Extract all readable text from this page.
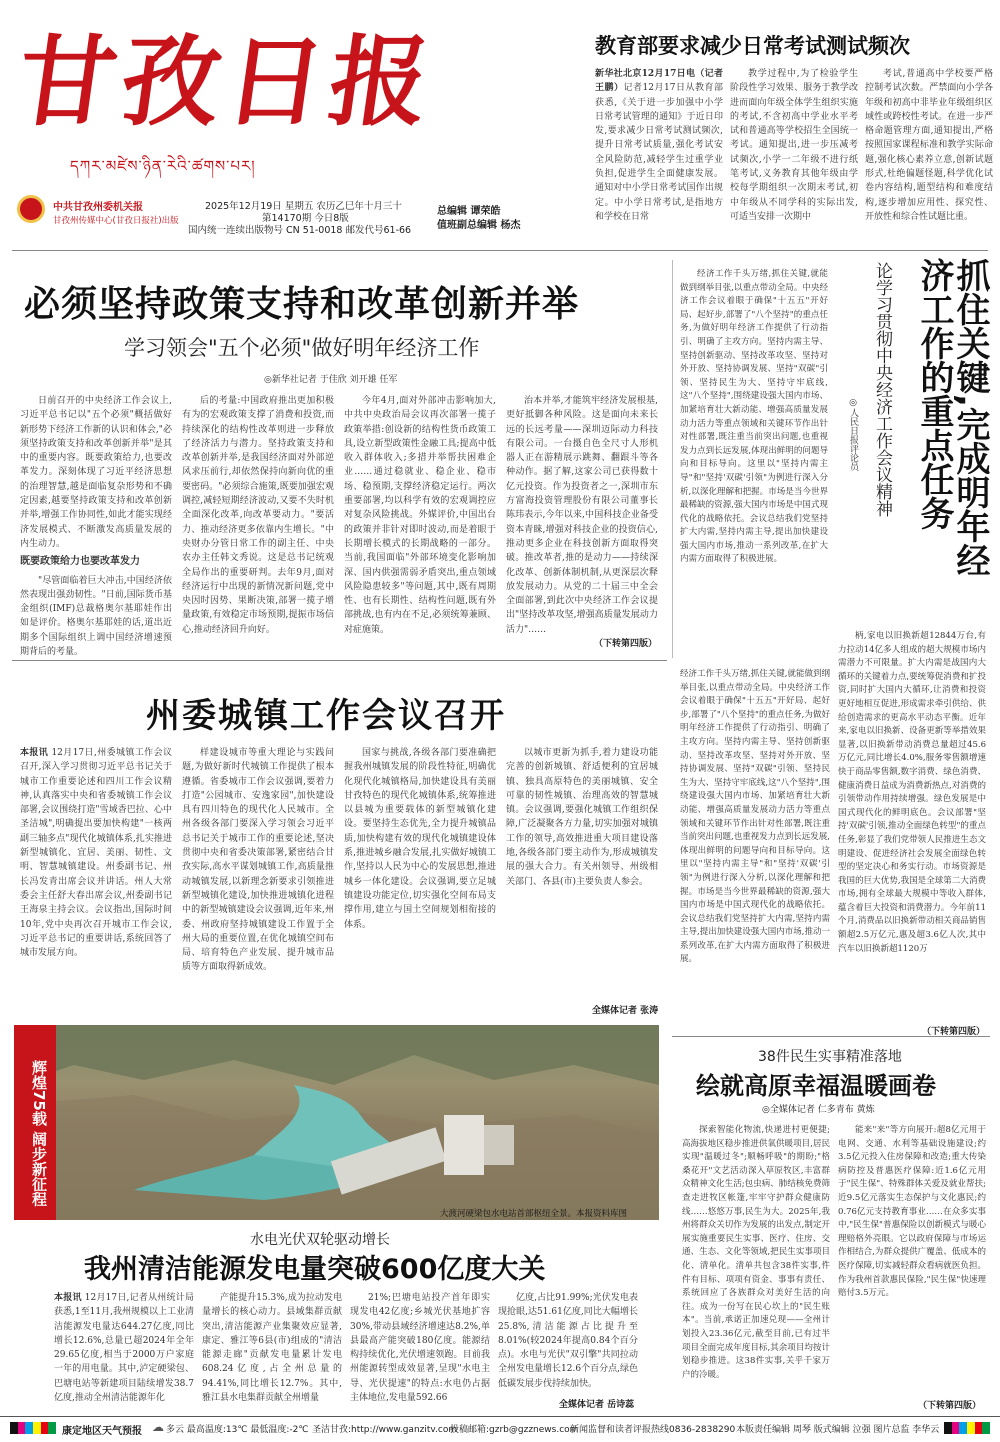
甘孜日报
དཀར་མཛེས་ཉིན་རེའི་ཚགས་པར།
中共甘孜州委机关报
甘孜州传媒中心(甘孜日报社)出版
2025年12月19日 星期五 农历乙巳年十月三十
第14170期 今日8版
国内统一连续出版物号 CN 51-0018 邮发代号61-66
总编辑 谭荣皓
值班副总编辑 杨杰
教育部要求减少日常考试测试频次
新华社北京12月17日电（记者 王鹏）记者12月17日从教育部获悉,《关于进一步加强中小学日常考试管理的通知》于近日印发,要求减少日常考试测试频次,提升日常考试质量,强化考试安全风险防范,减轻学生过重学业负担,促进学生全面健康发展。通知对中小学日常考试国作出规定。中小学日常考试,是指地方和学校在日常
教学过程中,为了检验学生阶段性学习效果、服务于教学改进而面向年级全体学生组织实施的考试,不含初高中学业水平考试和普通高等学校招生全国统一考试。通知提出,进一步压减考试频次,小学一二年级不进行纸笔考试,义务教育其他年级由学校每学期组织一次期末考试,初中年级从不同学科的实际出发,可适当安排一次期中
考试,普通高中学校要严格控制考试次数。严禁面向小学各年级和初高中非毕业年级组织区域性或跨校性考试。在进一步严格命题管理方面,通知提出,严格按照国家课程标准和教学实际命题,强化核心素养立意,创新试题形式,杜绝偏题怪题,科学优化试卷内容结构,题型结构和难度结构,逐步增加应用性、探究性、开放性和综合性试题比重。
必须坚持政策支持和改革创新并举
学习领会"五个必须"做好明年经济工作
◎新华社记者 于佳欣 刘开雄 任军
日前召开的中央经济工作会议上,习近平总书记以"五个必须"概括做好新形势下经济工作新的认识和体会,"必须坚持政策支持和改革创新并举"是其中的重要内容。既要政策给力,也要改革发力。深刻体现了习近平经济思想的治理智慧,越是面临复杂形势和不确定因素,越要坚持政策支持和改革创新并举,增强工作协同性,如此才能实现经济发展模式、不断激发高质量发展的内生动力。
既要政策给力也要改革发力
"尽管面临着巨大冲击,中国经济依然表现出强劲韧性。"日前,国际货币基金组织(IMF)总裁格奥尔基耶娃作出如是评价。格奥尔基耶娃的话,道出近期多个国际组织上调中国经济增速预期背后的考量。
后的考量:中国政府推出更加积极有为的宏观政策支撑了消费和投资,而持续深化的结构性改革则进一步释放了经济活力与潜力。坚持政策支持和改革创新并举,是我国经济面对外部逆风求压前行,却依然保持向新向优的重要密码。"必须综合施策,既要加强宏观调控,减轻短期经济波动,又要不失时机全面深化改革,向改革要动力。"要活力、推动经济更多依靠内生增长。"中央财办分管日常工作的副主任、中央农办主任韩文秀说。这是总书记统观全局作出的重要研判。去年9月,面对经济运行中出现的新情况新问题,党中央因时因势、果断决策,部署一揽子增量政策,有效稳定市场预期,提振市场信心,推动经济回升向好。
今年4月,面对外部冲击影响加大,中共中央政治局会议再次部署一揽子政策举措:创设新的结构性货币政策工具,设立新型政策性金融工具;提高中低收入群体收入;多措并举帮扶困难企业……通过稳就业、稳企业、稳市场、稳预期,支撑经济稳定运行。两次重要部署,均以科学有效的宏观调控应对复杂风险挑战。外媒评价,中国出台的政策并非针对即时波动,而是着眼于长期增长模式的长期战略的一部分。当前,我国面临"外部环境变化影响加深、国内供强需弱矛盾突出,重点领域风险隐患较多"等问题,其中,既有周期性、也有长期性、结构性问题,既有外部挑战,也有内在不足,必须统筹兼顾、对症施策。
治本并举,才能筑牢经济发展根基,更好抵御各种风险。这是面向未来长远的长远考量——深圳迈际动力科技有限公司。一台摄自色全尺寸人形机器人正在游精展示跳舞、翻跟斗等各种动作。据了解,这家公司已获得数十亿元投资。作为投资者之一,深圳市东方富海投资管理股份有限公司董事长陈玮表示,今年以来,中国科技企业备受资本青睐,增强对科技企业的投资信心,推动更多企业在科技创新方面取得突破。推改革者,推的是动力——持续深化改革、创新体制机制,从更深层次释放发展动力。从党的二十届三中全会全面部署,到此次中央经济工作会议提出"坚持改革攻坚,增强高质量发展动力活力"……
（下转第四版）
经济工作千头万绪,抓住关键,就能做到纲举目张,以重点带动全局。中央经济工作会议着眼于确保"十五五"开好局、起好步,部署了"八个坚持"的重点任务,为做好明年经济工作提供了行动指引、明确了主攻方向。坚持内需主导、坚持创新驱动、坚持改革攻坚、坚持对外开放、坚持协调发展、坚持"双碳"引领、坚持民生为大、坚持守牢底线,这"八个坚持",围绕建设强大国内市场、加紧培育壮大新动能、增强高质量发展动力活力等重点领域和关键环节作出针对性部署,既注重当前突出问题,也重视发力点到长远发展,体现出鲜明的问题导向和目标导向。这里以"坚持内需主导"和"坚持'双碳'引领"为例进行深入分析,以深化理解和把握。市场是当今世界最稀缺的资源,强大国内市场是中国式现代化的战略依托。会议总结我们党坚持扩大内需,坚持内需主导,提出加快建设强大国内市场,推动一系列改革,在扩大内需方面取得了积极进展。	抓住关键,完成明年经济工作的重点任务
论学习贯彻中央经济工作会议精神
◎人民日报评论员
柄,家电以旧换新超12844万台,有力拉动14亿多人组成的超大规模市场内需潜力不可限量。扩大内需是战国内大循环的关键着力点,要统筹促消费和扩投资,同时扩大国内大循环,让消费和投资更好地相互促进,形成需求牵引供给、供给创造需求的更高水平动态平衡。近年来,家电以旧换新、设备更新等举措效果显著,以旧换新带动消费总量超过45.6万亿元,同比增长4.0%,服务零售额增速快于商品零售额,数字消费、绿色消费、健康消费日益成为消费新热点,对消费的引领带动作用持续增强。绿色发展是中国式现代化的鲜明底色。会议部署"坚持'双碳'引领,推动全面绿色转型"的重点任务,彰显了我们党带领人民推进生态文明建设、促进经济社会发展全面绿色转型的坚定决心和务实行动。市场资源是我国的巨大优势,我国是全球第二大消费市场,拥有全球最大规模中等收入群体,蕴含着巨大投资和消费潜力。今年前11个月,消费品以旧换新带动相关商品销售额超2.5万亿元,惠及超3.6亿人次,其中汽车以旧换新超1120万
（下转第四版）
经济工作千头万绪,抓住关键,就能做到纲举目张,以重点带动全局。中央经济工作会议着眼于确保"十五五"开好局、起好步,部署了"八个坚持"的重点任务,为做好明年经济工作提供了行动指引、明确了主攻方向。坚持内需主导、坚持创新驱动、坚持改革攻坚、坚持对外开放、坚持协调发展、坚持"双碳"引领、坚持民生为大、坚持守牢底线,这"八个坚持",围绕建设强大国内市场、加紧培育壮大新动能、增强高质量发展动力活力等重点领域和关键环节作出针对性部署,既注重当前突出问题,也重视发力点到长远发展,体现出鲜明的问题导向和目标导向。这里以"坚持内需主导"和"坚持'双碳'引领"为例进行深入分析,以深化理解和把握。市场是当今世界最稀缺的资源,强大国内市场是中国式现代化的战略依托。会议总结我们党坚持扩大内需,坚持内需主导,提出加快建设强大国内市场,推动一系列改革,在扩大内需方面取得了积极进展。
州委城镇工作会议召开
本报讯 12月17日,州委城镇工作会议召开,深入学习贯彻习近平总书记关于城市工作重要论述和四川工作会议精神,认真落实中央和省委城镇工作会议部署,会议围绕打造"雪域香巴拉、心中圣洁城",明确提出要加快构建"一核两副三轴多点"现代化城镇体系,扎实推进新型城镇化、宜居、美丽、韧性、文明、智慧城镇建设。州委副书记、州长冯发青出席会议并讲话。州人大常委会主任舒大春出席会议,州委副书记王海泉主持会议。会议指出,国际时间10年,党中央再次召开城市工作会议,习近平总书记的重要讲话,系统回答了城市发展方向。
样建设城市等重大理论与实践问题,为做好新时代城镇工作提供了根本遵循。省委城市工作会议强调,要着力打造"公园城市、安逸家园",加快建设具有四川特色的现代化人民城市。全州各级各部门要深入学习领会习近平总书记关于城市工作的重要论述,坚决贯彻中央和省委决策部署,紧密结合甘孜实际,高水平谋划城镇工作,高质量推动城镇发展,以新理念新要求引领推进新型城镇化建设,加快推进城镇化进程中的新型城镇建设会议强调,近年来,州委、州政府坚持城镇建设工作置于全州大局的重要位置,在优化城镇空间布局、培育特色产业发展、提升城市品质等方面取得新成效。
国家与挑战,各级各部门要准确把握我州城镇发展的阶段性特征,明确优化现代化城镇格局,加快建设具有美丽甘孜特色的现代化城镇体系,统筹推进以县城为重要载体的新型城镇化建设。要坚持生态优先,全力提升城镇品质,加快构建有效的现代化城镇建设体系,推进城乡融合发展,扎实做好城镇工作,坚持以人民为中心的发展思想,推进城乡一体化建设。会议强调,要立足城镇建设功能定位,切实强化空间布局支撑作用,建立与国土空间规划相衔接的体系。
以城市更新为抓手,着力建设功能完善的创新城镇、舒适便利的宜居城镇、独具高原特色的美丽城镇、安全可靠的韧性城镇、治理高效的智慧城镇。会议强调,要强化城镇工作组织保障,广泛凝聚各方力量,切实加强对城镇工作的领导,高效推进重大项目建设落地,各级各部门要主动作为,形成城镇发展的强大合力。有关州领导、州级相关部门、各县(市)主要负责人参会。
全媒体记者 张涛
辉煌75载 阔步新征程
大渡河硬梁包水电站首部枢纽全景。本报资料库图
水电光伏双轮驱动增长
我州清洁能源发电量突破600亿度大关
本报讯 12月17日,记者从州统计局获悉,1至11月,我州规模以上工业清洁能源发电量达644.27亿度,同比增长12.6%,总量已超2024年全年29.65亿度,相当于2000万户家庭一年的用电量。其中,泸定硬梁包、巴塘电站等新建项目陆续增发38.7亿度,推动全州清洁能源年化
产能提升15.3%,成为拉动发电量增长的核心动力。县域集群贡献突出,清洁能源产业集聚效应显著,康定、雅江等6县(市)组成的"清洁能源走廊"贡献发电量累计发电608.24亿度,占全州总量的94.41%,同比增长12.7%。其中,雅江县水电集群贡献全州增量
21%;巴塘电站投产首年即实现发电42亿度;乡城光伏基地扩容30%,带动县域经济增速达8.2%,单县最高产能突破180亿度。能源结构持续优化,光伏增速领跑。目前我州能源转型成效显著,呈现"水电主导、光伏提速"的特点:水电仍占据主体地位,发电量592.66
亿度,占比91.99%;光伏发电表现抢眼,达51.61亿度,同比大幅增长25.8%,清洁能源占比提升至8.01%(较2024年提高0.84个百分点)。水电与光伏"双引擎"共同拉动全州发电量增长12.6个百分点,绿色低碳发展步伐持续加快。
全媒体记者 岳诗蕊
38件民生实事精准落地
绘就高原幸福温暖画卷
◎全媒体记者 仁多青布 黄炼
探索智能化物流,快递进村更便捷;高海拔地区稳步推进供氧供暖项目,居民实现"温暖过冬";顺畅呼吸"的期盼;"格桑花开"文艺活动深入草原牧区,丰富群众精神文化生活;包虫病、肺结核免费筛查走进牧区帐篷,牢牢守护群众健康防线……悠悠万事,民生为大。2025年,我州将群众关切作为发展的出发点,制定开展实施重要民生实事、医疗、住房、交通、生态、文化等领域,把民生实事项目化、清单化。清单共包含38件实事,件件有目标、项项有资金、事事有责任、系统回应了各族群众对美好生活的向往。成为一份写在民心坎上的"民生账本"。当前,承诺正加速兑现——全州计划投入23.36亿元,截至目前,已有过半项目全面完成年度目标,其余项目均按计划稳步推进。这38件实事,关乎千家万户的冷暖。
能来"来"等方向展开:超8亿元用于电网、交通、水利等基础设施建设;约3.5亿元投入住房保障和改造;重大传染病防控及普惠医疗保障:近1.6亿元用于"民生保"、特殊群体关爱及就业帮扶;近9.5亿元落实生态保护与文化惠民;约0.76亿元支持教育事业……在众多实事中,"民生保"普惠保险以创新模式与暖心理赔格外亮眼。它以政府保障与市场运作相结合,为群众提供广覆盖、低成本的医疗保障,切实减轻群众看病就医负担。作为我州首款惠民保险,"民生保"快速理赔付3.5万元。
（下转第四版）
康定地区天气预报 ☁ 多云 最高温度:13℃ 最低温度:-2℃ 圣洁甘孜:http://www.ganzitv.com
投稿邮箱:gzrb@gzznews.com
新闻监督和读者评报热线0836-2838290 本版责任编辑 周琴 版式编辑 泣强 图片总监 李华云
